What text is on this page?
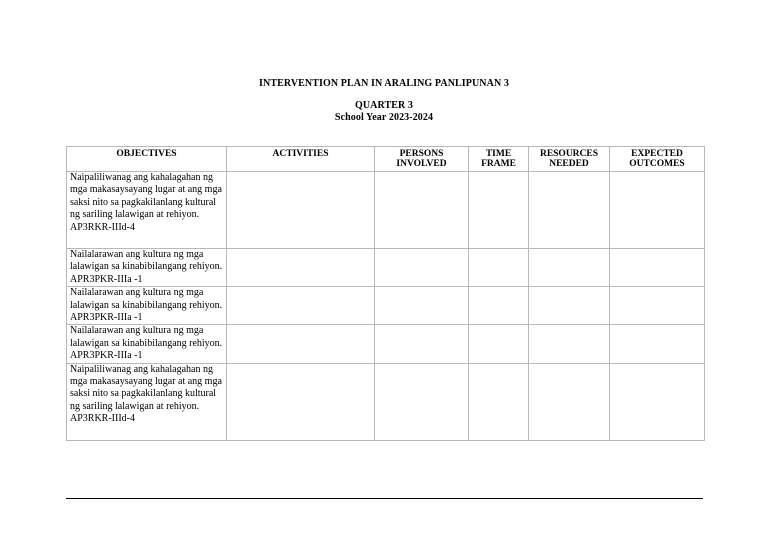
INTERVENTION PLAN IN ARALING PANLIPUNAN 3
QUARTER 3
School Year 2023-2024
OBJECTIVES	ACTIVITIES	PERSONS INVOLVED	TIME FRAME	RESOURCES NEEDED	EXPECTED OUTCOMES
Naipaliliwanag ang kahalagahan ng mga makasaysayang lugar at ang mga saksi nito sa pagkakilanlang kultural ng sariling lalawigan at rehiyon. AP3RKR-IIId-4					
Nailalarawan ang kultura ng mga lalawigan sa kinabibilangang rehiyon. APR3PKR-IIIa -1					
Nailalarawan ang kultura ng mga lalawigan sa kinabibilangang rehiyon. APR3PKR-IIIa -1					
Nailalarawan ang kultura ng mga lalawigan sa kinabibilangang rehiyon. APR3PKR-IIIa -1					
Naipaliliwanag ang kahalagahan ng mga makasaysayang lugar at ang mga saksi nito sa pagkakilanlang kultural ng sariling lalawigan at rehiyon. AP3RKR-IIId-4					
